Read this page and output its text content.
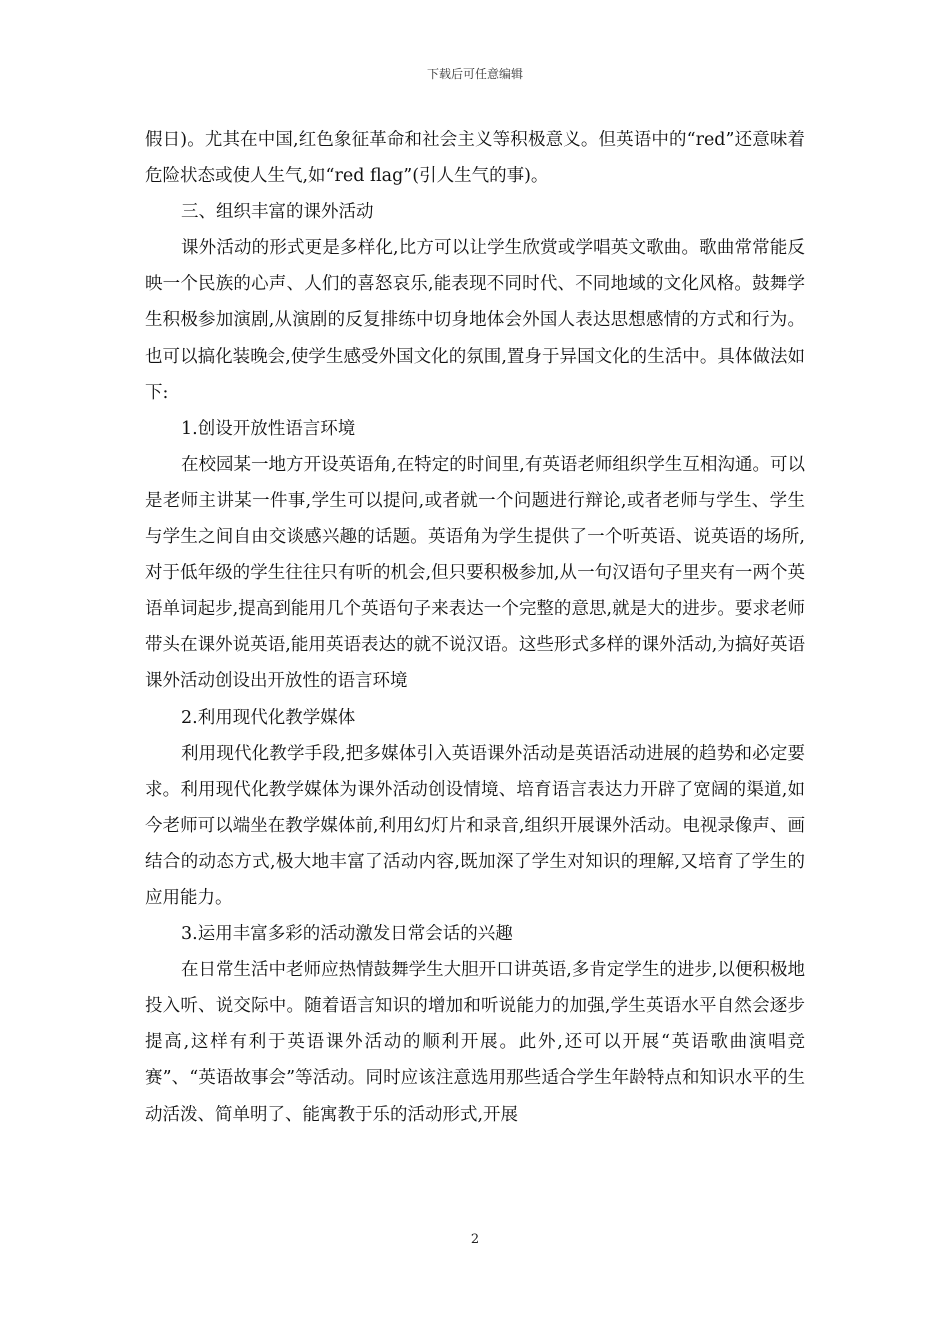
下载后可任意编辑

假日)。尤其在中国,红色象征革命和社会主义等积极意义。但英语中的“red”还意味着危险状态或使人生气,如“red flag”(引人生气的事)。

三、组织丰富的课外活动

课外活动的形式更是多样化,比方可以让学生欣赏或学唱英文歌曲。歌曲常常能反映一个民族的心声、人们的喜怒哀乐,能表现不同时代、不同地域的文化风格。鼓舞学生积极参加演剧,从演剧的反复排练中切身地体会外国人表达思想感情的方式和行为。也可以搞化装晚会,使学生感受外国文化的氛围,置身于异国文化的生活中。具体做法如下:

1.创设开放性语言环境

在校园某一地方开设英语角,在特定的时间里,有英语老师组织学生互相沟通。可以是老师主讲某一件事,学生可以提问,或者就一个问题进行辩论,或者老师与学生、学生与学生之间自由交谈感兴趣的话题。英语角为学生提供了一个听英语、说英语的场所,对于低年级的学生往往只有听的机会,但只要积极参加,从一句汉语句子里夹有一两个英语单词起步,提高到能用几个英语句子来表达一个完整的意思,就是大的进步。要求老师带头在课外说英语,能用英语表达的就不说汉语。这些形式多样的课外活动,为搞好英语课外活动创设出开放性的语言环境

2.利用现代化教学媒体

利用现代化教学手段,把多媒体引入英语课外活动是英语活动进展的趋势和必定要求。利用现代化教学媒体为课外活动创设情境、培育语言表达力开辟了宽阔的渠道,如今老师可以端坐在教学媒体前,利用幻灯片和录音,组织开展课外活动。电视录像声、画结合的动态方式,极大地丰富了活动内容,既加深了学生对知识的理解,又培育了学生的应用能力。

3.运用丰富多彩的活动激发日常会话的兴趣

在日常生活中老师应热情鼓舞学生大胆开口讲英语,多肯定学生的进步,以便积极地投入听、说交际中。随着语言知识的增加和听说能力的加强,学生英语水平自然会逐步提高,这样有利于英语课外活动的顺利开展。此外,还可以开展“英语歌曲演唱竞赛”、“英语故事会”等活动。同时应该注意选用那些适合学生年龄特点和知识水平的生动活泼、简单明了、能寓教于乐的活动形式,开展

2
